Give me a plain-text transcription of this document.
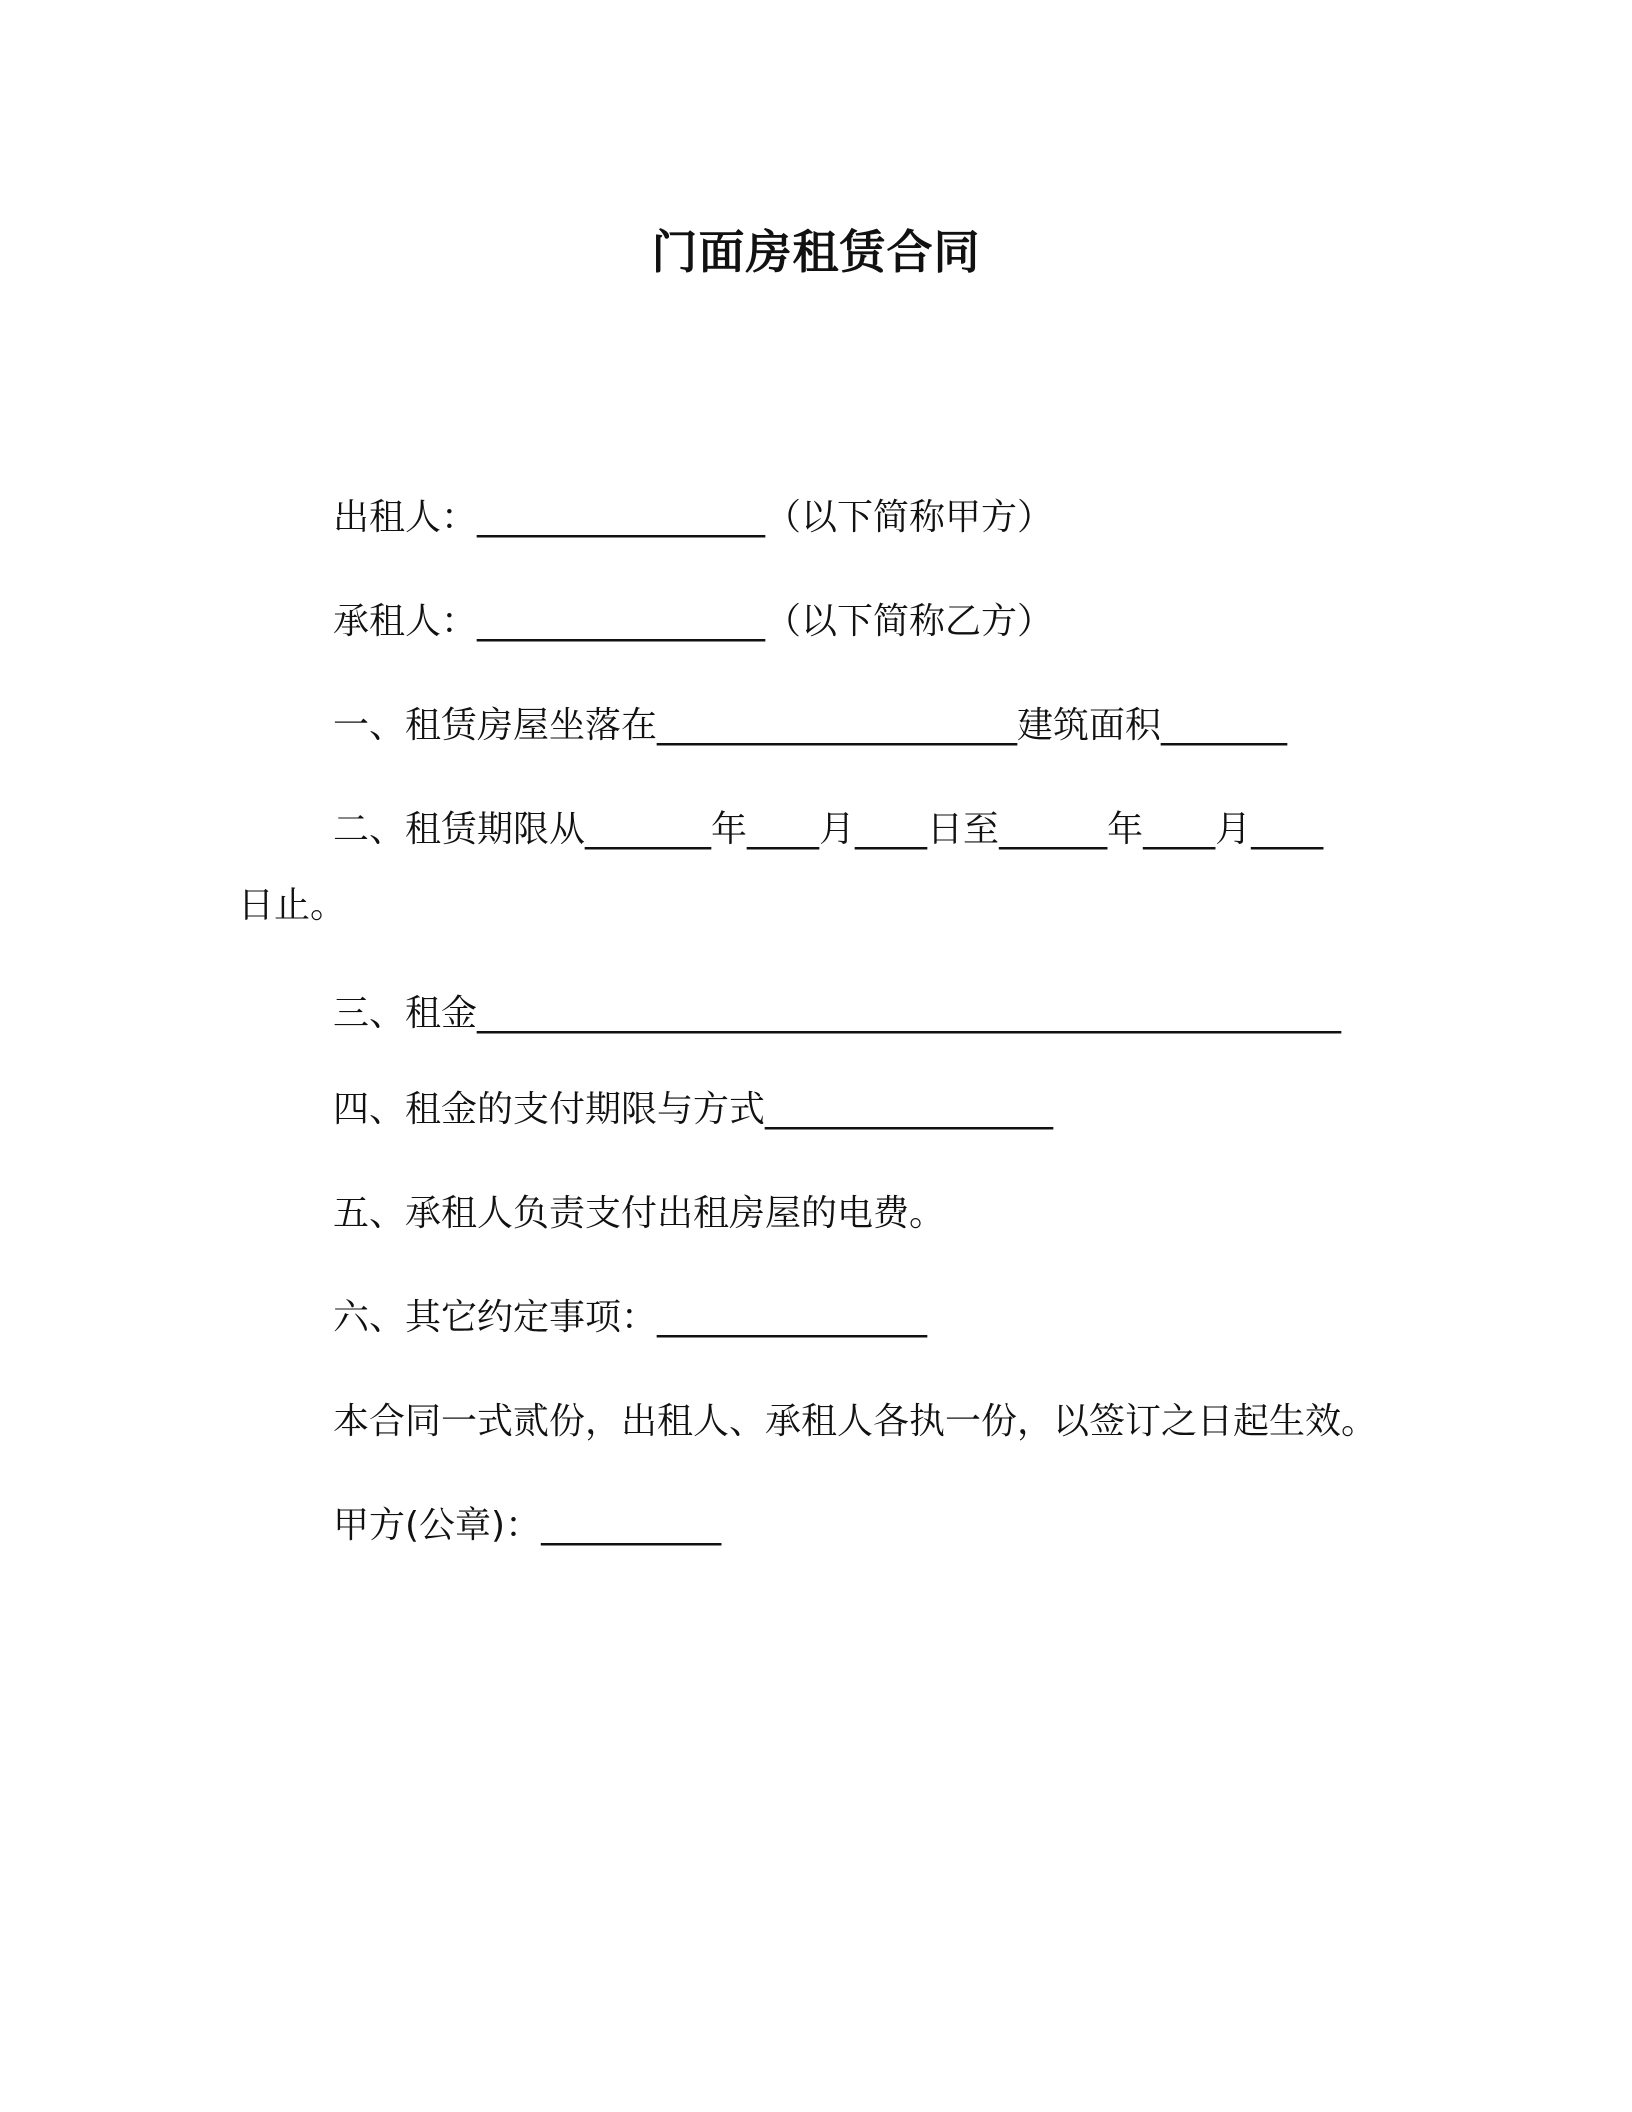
门面房租赁合同
出租人：________________（以下简称甲方）
承租人：________________（以下简称乙方）
一、租赁房屋坐落在____________________建筑面积_______
二、租赁期限从_______年____月____日至______年____月____
日止。
三、租金________________________________________________
四、租金的支付期限与方式________________
五、承租人负责支付出租房屋的电费。
六、其它约定事项：_______________
本合同一式贰份，出租人、承租人各执一份，以签订之日起生效。
甲方(公章)：__________
